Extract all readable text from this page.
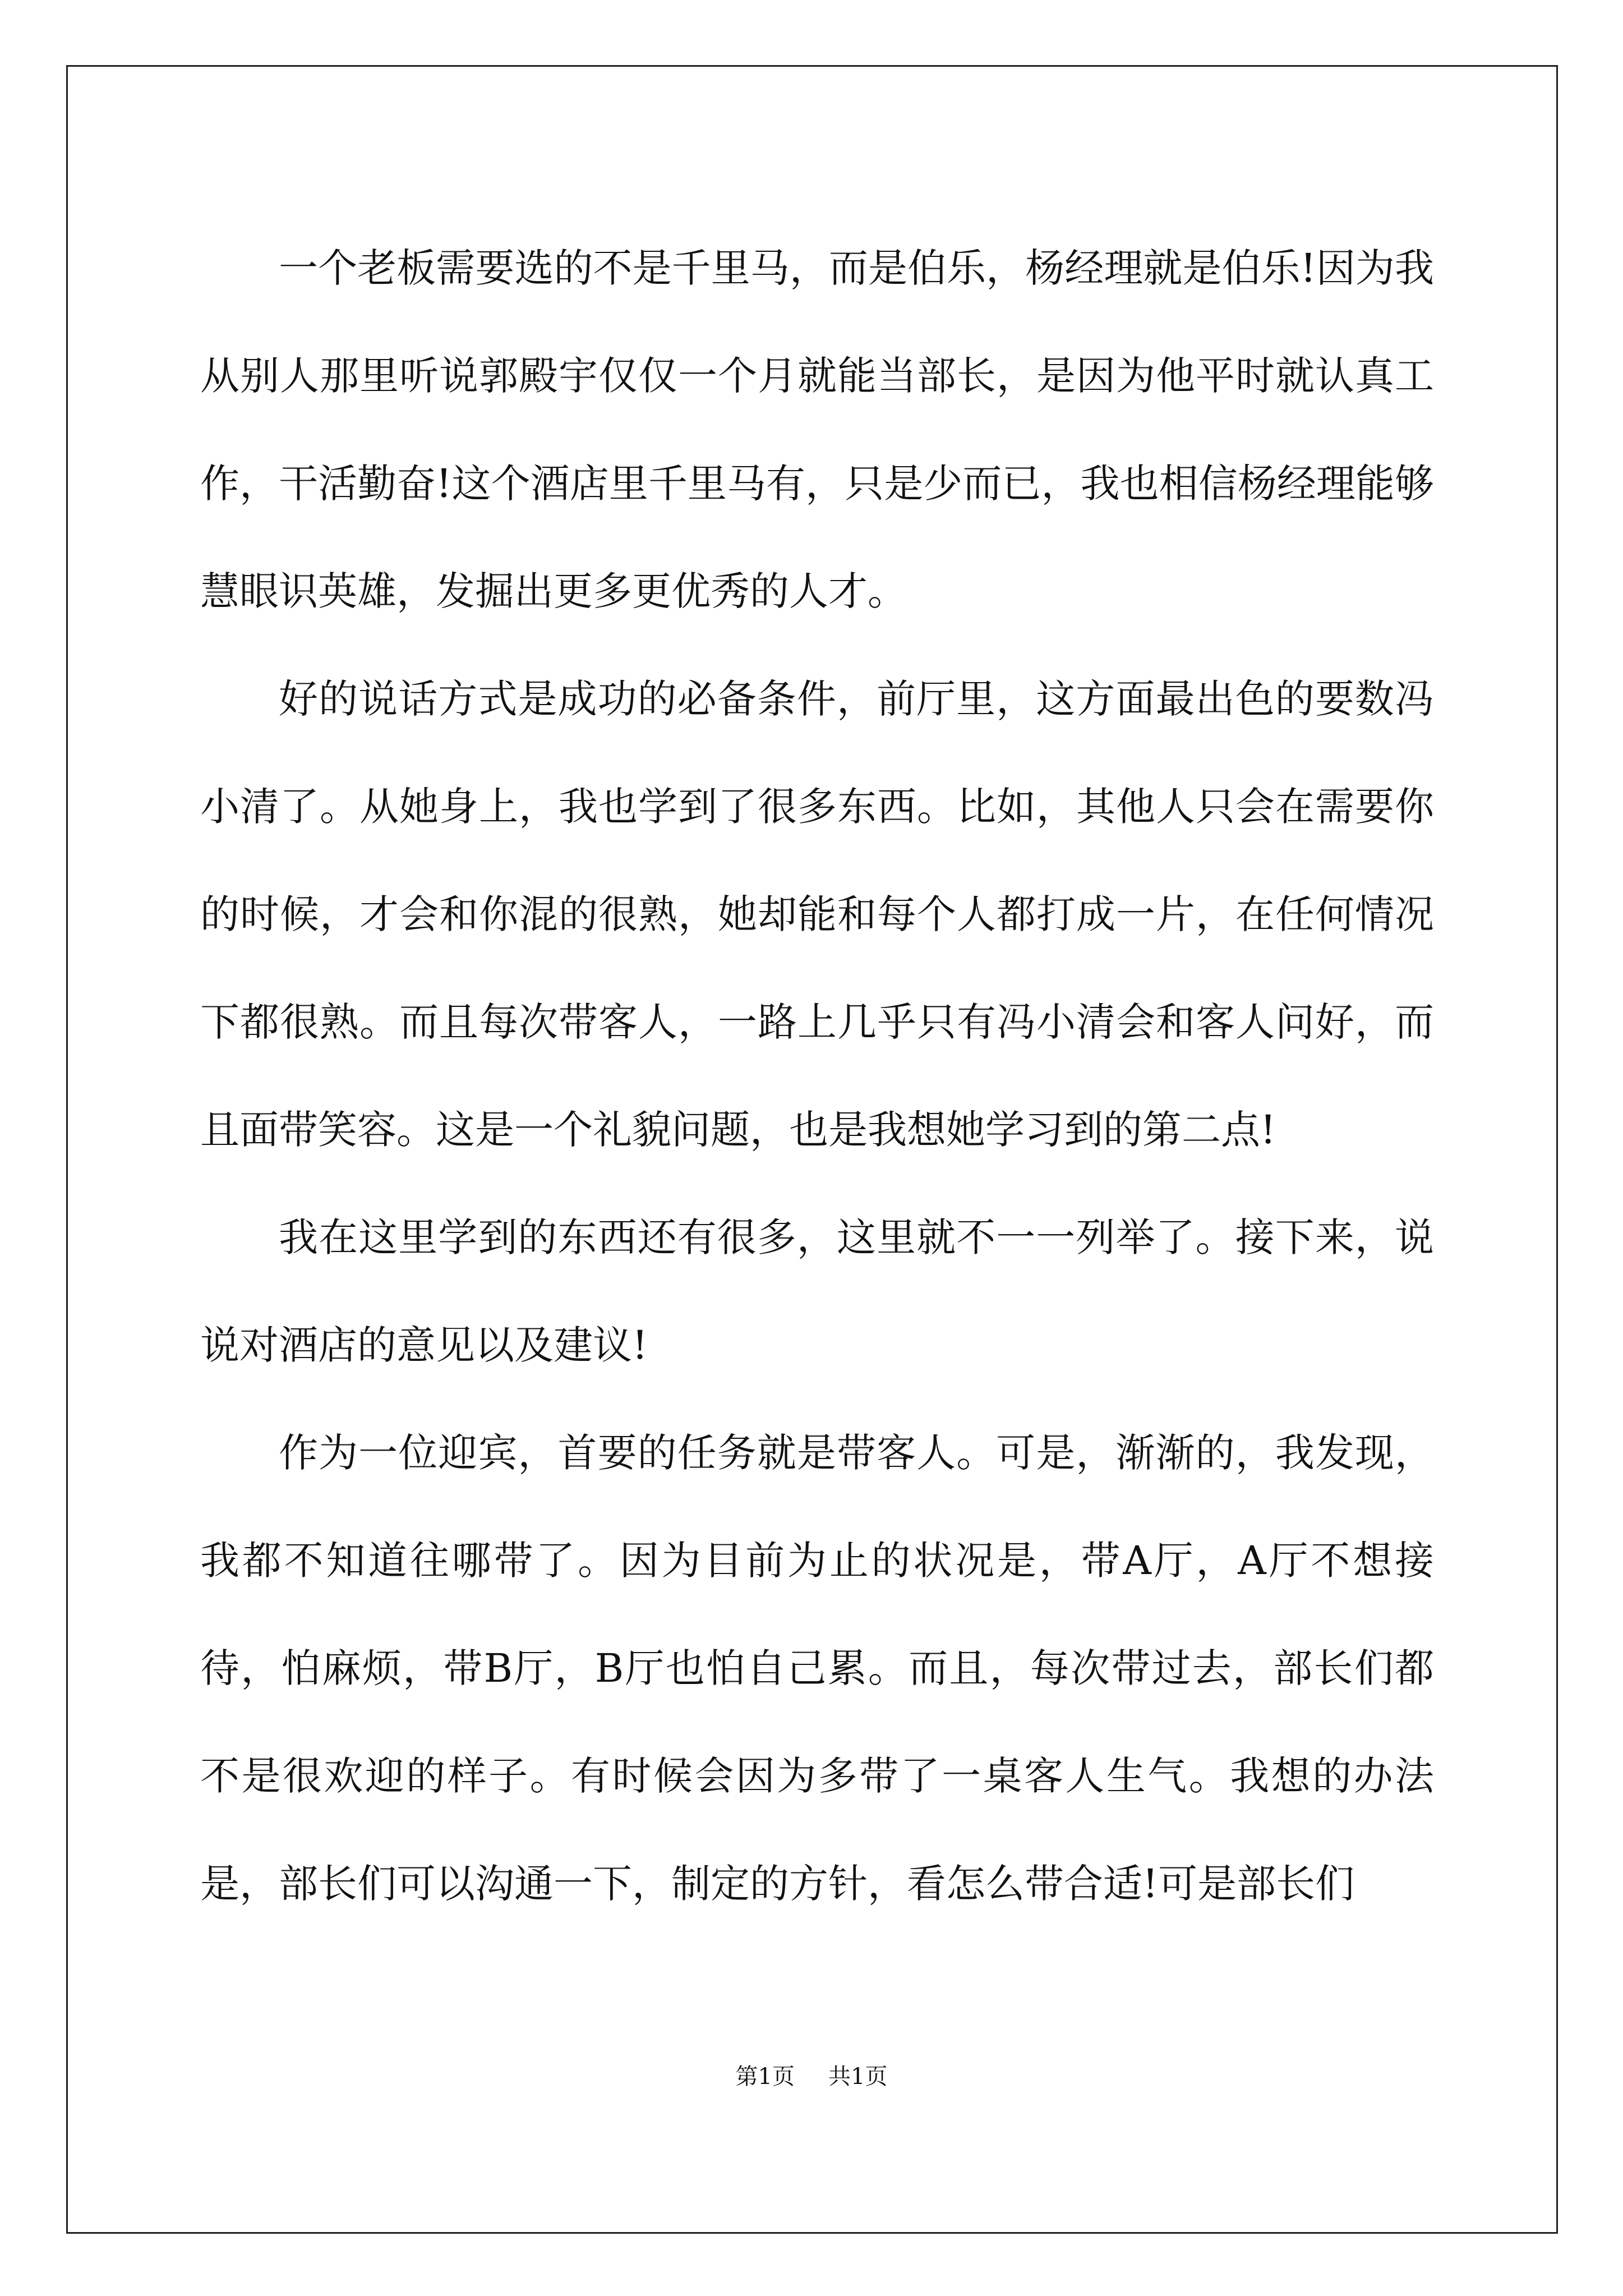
一个老板需要选的不是千里马，而是伯乐，杨经理就是伯乐!因为我从别人那里听说郭殿宇仅仅一个月就能当部长，是因为他平时就认真工作，干活勤奋!这个酒店里千里马有，只是少而已，我也相信杨经理能够慧眼识英雄，发掘出更多更优秀的人才。

好的说话方式是成功的必备条件，前厅里，这方面最出色的要数冯小清了。从她身上，我也学到了很多东西。比如，其他人只会在需要你的时候，才会和你混的很熟，她却能和每个人都打成一片，在任何情况下都很熟。而且每次带客人，一路上几乎只有冯小清会和客人问好，而且面带笑容。这是一个礼貌问题，也是我想她学习到的第二点!

我在这里学到的东西还有很多，这里就不一一列举了。接下来，说说对酒店的意见以及建议!

作为一位迎宾，首要的任务就是带客人。可是，渐渐的，我发现，我都不知道往哪带了。因为目前为止的状况是，带A厅，A厅不想接待，怕麻烦，带B厅，B厅也怕自己累。而且，每次带过去，部长们都不是很欢迎的样子。有时候会因为多带了一桌客人生气。我想的办法是，部长们可以沟通一下，制定的方针，看怎么带合适!可是部长们

第1页 共1页
